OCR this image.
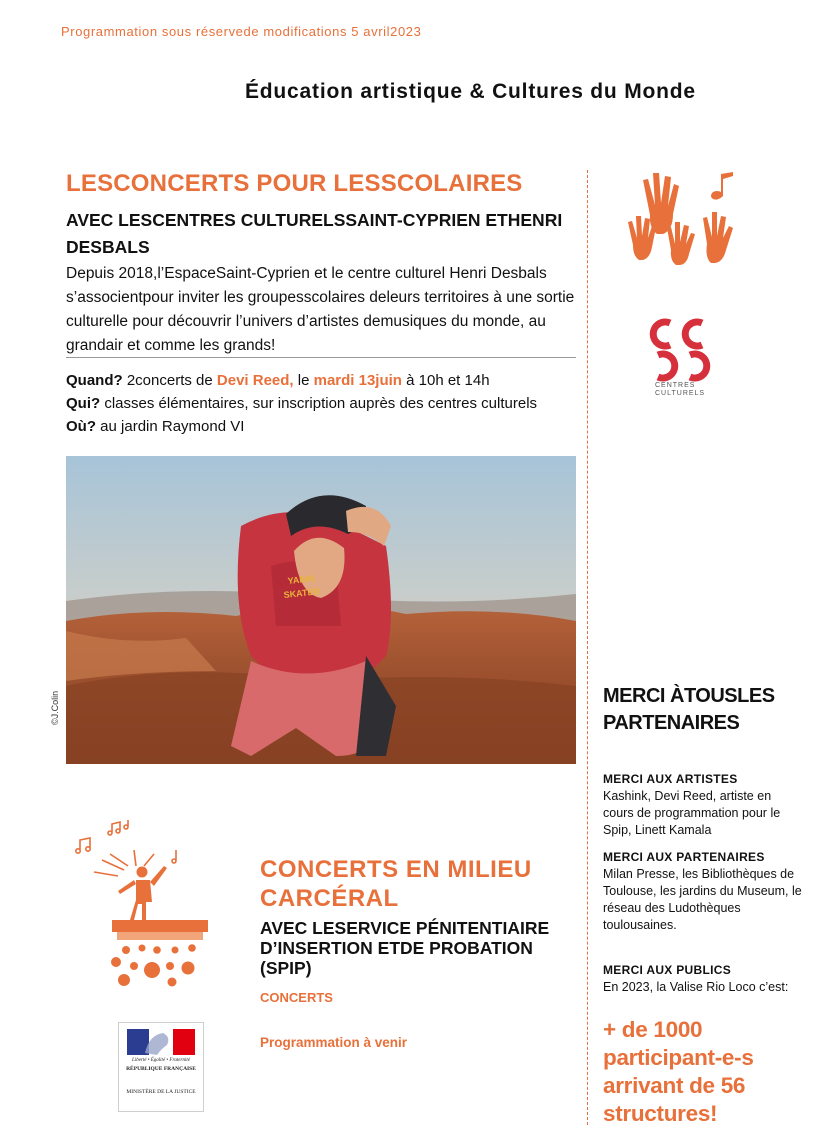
Programmation sous réservede modifications 5 avril2023
Éducation artistique & Cultures du Monde
LESCONCERTS POUR LESSCOLAIRES
AVEC LESCENTRES CULTURELSSAINT-CYPRIEN ETHENRI DESBALS
Depuis 2018,l’EspaceSaint-Cyprien et le centre culturel Henri Desbals s’associentpour inviter les groupesscolaires deleurs territoires à une sortie culturelle pour découvrir l’univers d’artistes demusiques du monde, au grandair et comme les grands!
Quand? 2concerts de Devi Reed, le mardi 13juin à 10h et 14h
Qui? classes élémentaires, sur inscription auprès des centres culturels
Où? au jardin Raymond VI
YABIN
SKATER
©J.Colin
CENTRES CULTURELS
MERCI ÀTOUSLES PARTENAIRES
MERCI AUX ARTISTES
Kashink, Devi Reed, artiste en cours de programmation pour le Spip, Linett Kamala
MERCI AUX PARTENAIRES
Milan Presse, les Bibliothèques de Toulouse, les jardins du Museum, le réseau des Ludothèques toulousaines.
MERCI AUX PUBLICS
En 2023, la Valise Rio Loco c’est:
+ de 1000 participant-e-s arrivant de 56 structures!
CONCERTS EN MILIEU CARCÉRAL
AVEC LESERVICE PÉNITENTIAIRE D’INSERTION ETDE PROBATION (SPIP)
CONCERTS
Programmation à venir
Liberté • Égalité • Fraternité
RÉPUBLIQUE FRANÇAISE
MINISTÈRE DE LA JUSTICE
